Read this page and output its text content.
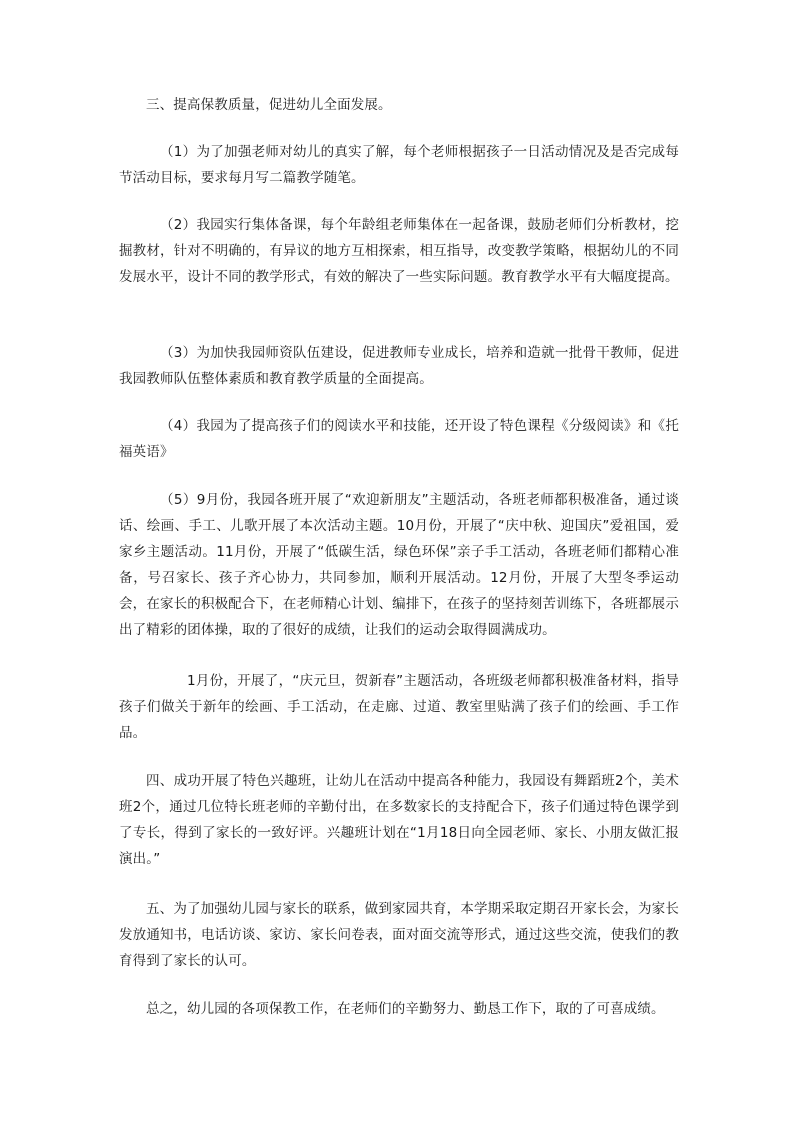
三、提高保教质量，促进幼儿全面发展。

（1）为了加强老师对幼儿的真实了解，每个老师根据孩子一日活动情况及是否完成每节活动目标，要求每月写二篇教学随笔。

（2）我园实行集体备课，每个年龄组老师集体在一起备课，鼓励老师们分析教材，挖掘教材，针对不明确的，有异议的地方互相探索，相互指导，改变教学策略，根据幼儿的不同发展水平，设计不同的教学形式，有效的解决了一些实际问题。教育教学水平有大幅度提高。

（3）为加快我园师资队伍建设，促进教师专业成长，培养和造就一批骨干教师，促进我园教师队伍整体素质和教育教学质量的全面提高。

（4）我园为了提高孩子们的阅读水平和技能，还开设了特色课程《分级阅读》和《托福英语》

（5）9月份，我园各班开展了“欢迎新朋友”主题活动，各班老师都积极准备，通过谈话、绘画、手工、儿歌开展了本次活动主题。10月份，开展了“庆中秋、迎国庆”爱祖国，爱家乡主题活动。11月份，开展了“低碳生活，绿色环保”亲子手工活动，各班老师们都精心准备，号召家长、孩子齐心协力，共同参加，顺利开展活动。12月份，开展了大型冬季运动会，在家长的积极配合下，在老师精心计划、编排下，在孩子的坚持刻苦训练下，各班都展示出了精彩的团体操，取的了很好的成绩，让我们的运动会取得圆满成功。

1月份，开展了，“庆元旦，贺新春”主题活动，各班级老师都积极准备材料，指导孩子们做关于新年的绘画、手工活动，在走廊、过道、教室里贴满了孩子们的绘画、手工作品。

四、成功开展了特色兴趣班，让幼儿在活动中提高各种能力，我园设有舞蹈班2个，美术班2个，通过几位特长班老师的辛勤付出，在多数家长的支持配合下，孩子们通过特色课学到了专长，得到了家长的一致好评。兴趣班计划在“1月18日向全园老师、家长、小朋友做汇报演出。”

五、为了加强幼儿园与家长的联系，做到家园共育，本学期采取定期召开家长会，为家长发放通知书，电话访谈、家访、家长问卷表，面对面交流等形式，通过这些交流，使我们的教育得到了家长的认可。

总之，幼儿园的各项保教工作，在老师们的辛勤努力、勤恳工作下，取的了可喜成绩。
